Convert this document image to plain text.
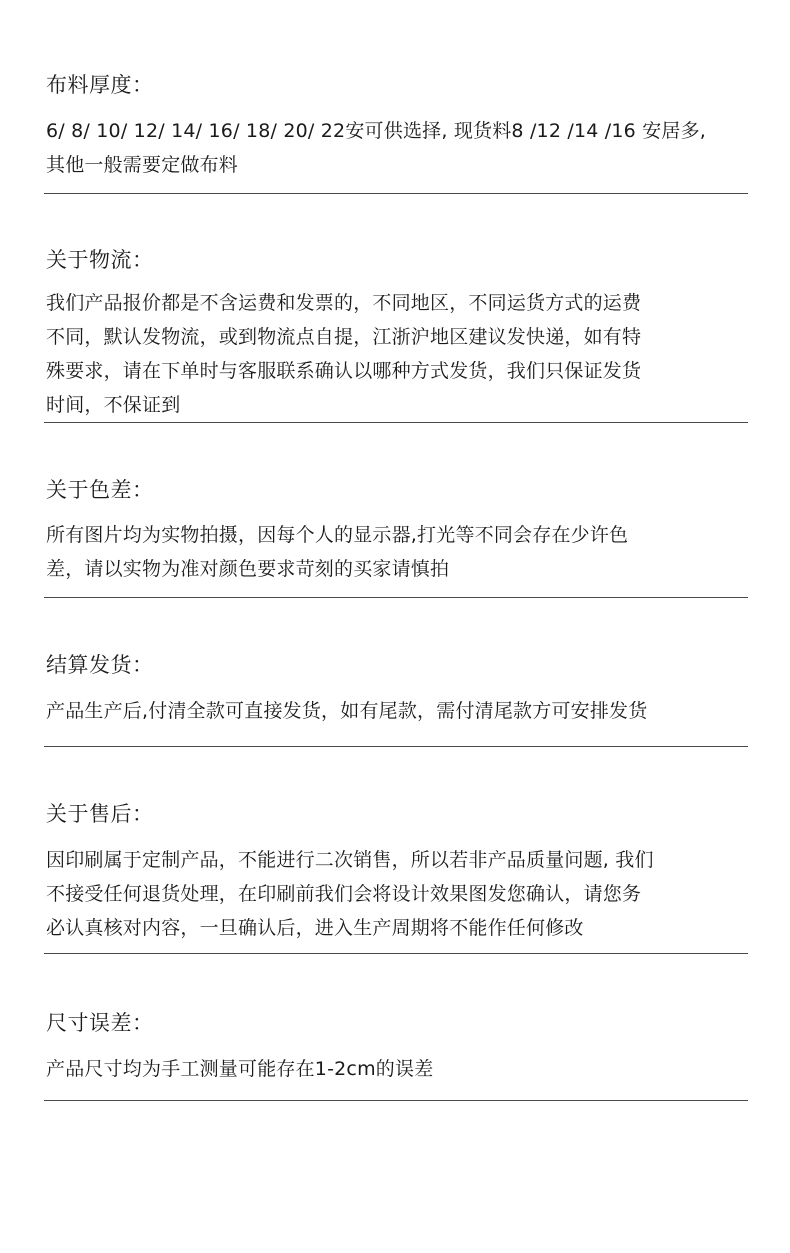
布料厚度：

6/ 8/ 10/ 12/ 14/ 16/ 18/ 20/ 22安可供选择, 现货料8 /12 /14 /16 安居多,
其他一般需要定做布料

关于物流：

我们产品报价都是不含运费和发票的，不同地区，不同运货方式的运费
不同，默认发物流，或到物流点自提，江浙沪地区建议发快递，如有特
殊要求，请在下单时与客服联系确认以哪种方式发货，我们只保证发货
时间，不保证到

关于色差：

所有图片均为实物拍摄，因每个人的显示器,打光等不同会存在少许色
差，请以实物为准对颜色要求苛刻的买家请慎拍

结算发货：

产品生产后,付清全款可直接发货，如有尾款，需付清尾款方可安排发货

关于售后：

因印刷属于定制产品，不能进行二次销售，所以若非产品质量问题, 我们
不接受任何退货处理，在印刷前我们会将设计效果图发您确认，请您务
必认真核对内容，一旦确认后，进入生产周期将不能作任何修改

尺寸误差：

产品尺寸均为手工测量可能存在1-2cm的误差
